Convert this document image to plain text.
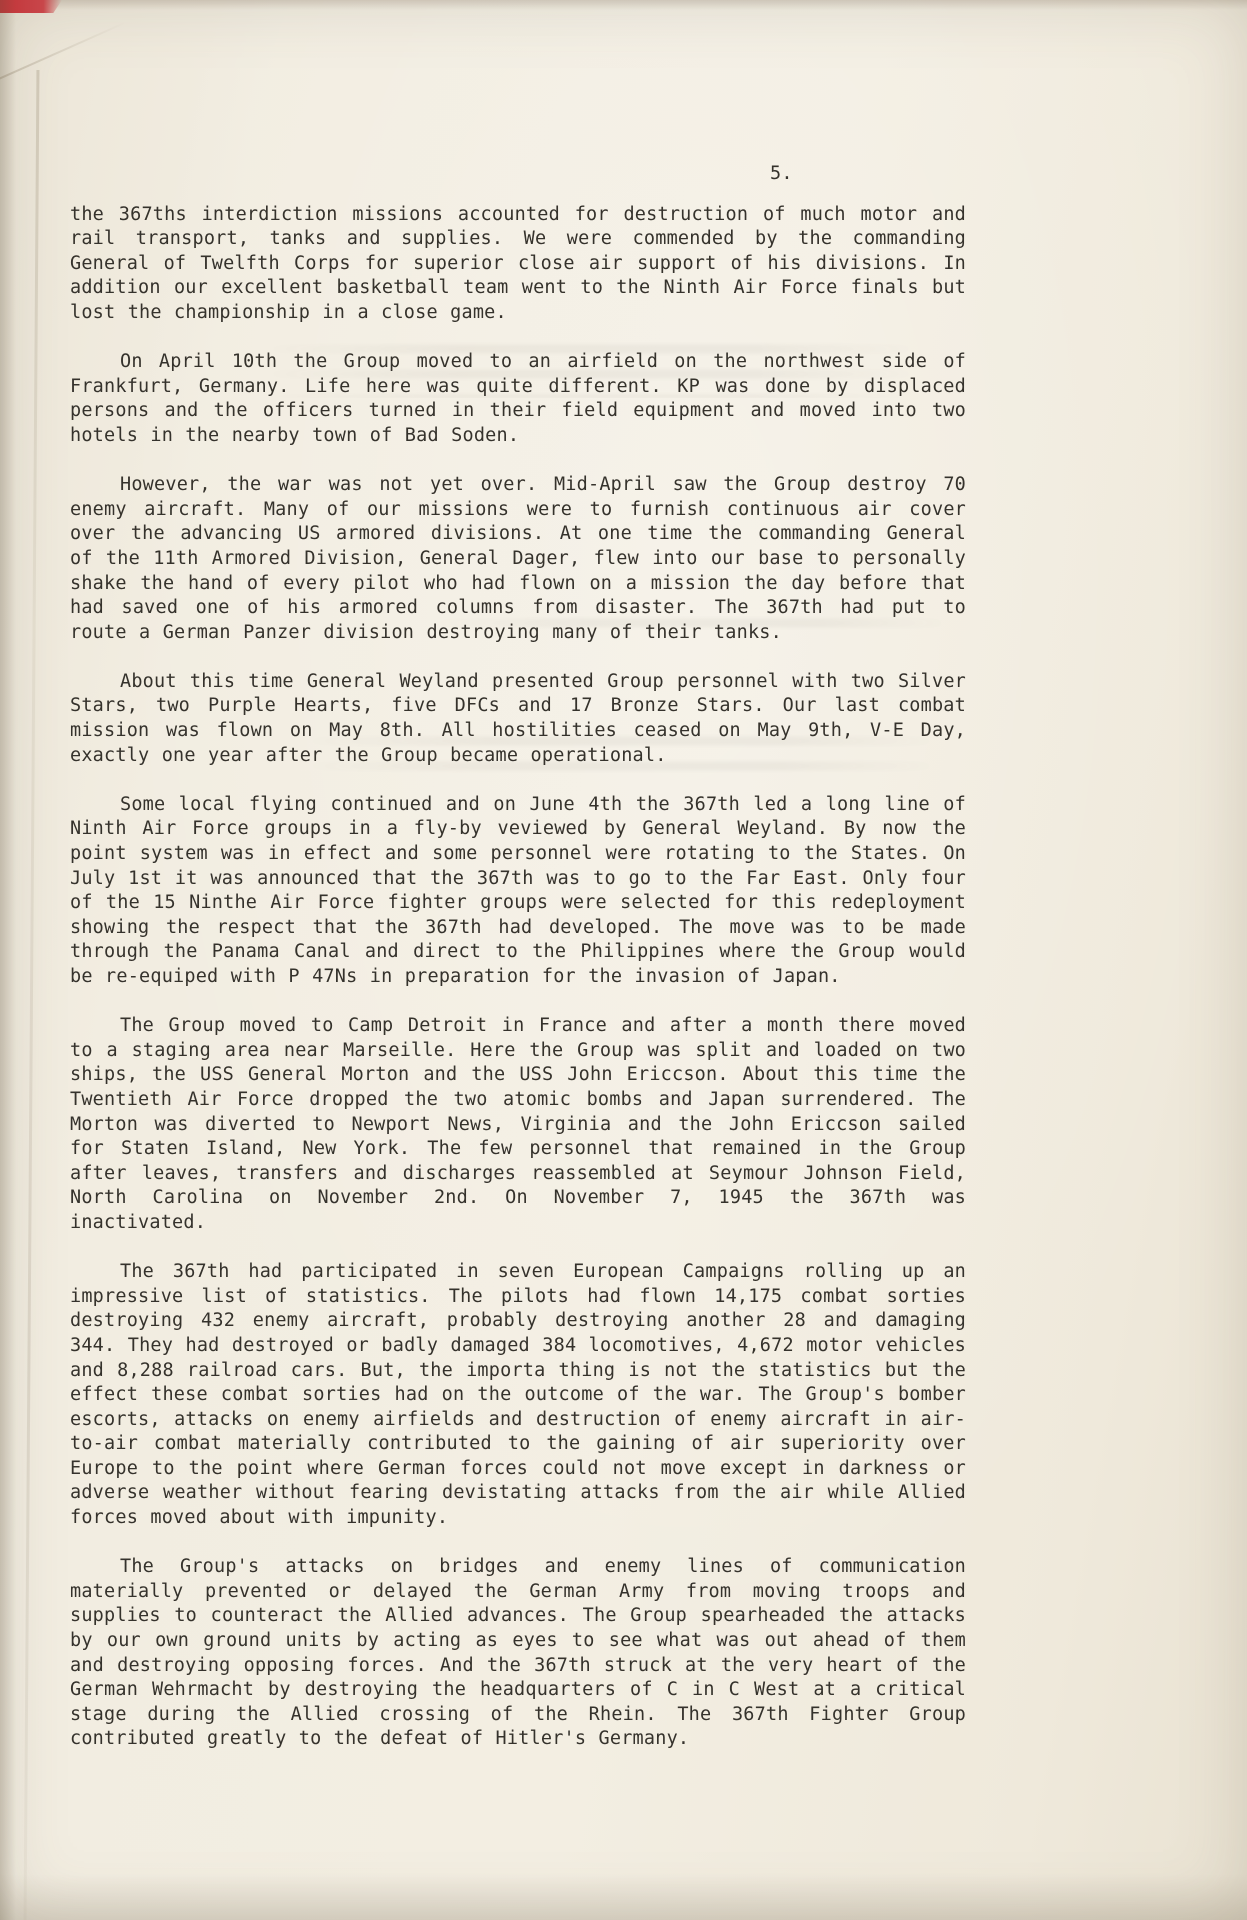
5.

the 367ths interdiction missions accounted for destruction of much motor and rail transport, tanks and supplies. We were commended by the commanding General of Twelfth Corps for superior close air support of his divisions. In addition our excellent basketball team went to the Ninth Air Force finals but lost the championship in a close game.

On April 10th the Group moved to an airfield on the northwest side of Frankfurt, Germany. Life here was quite different. KP was done by displaced persons and the officers turned in their field equipment and moved into two hotels in the nearby town of Bad Soden.

However, the war was not yet over. Mid-April saw the Group destroy 70 enemy aircraft. Many of our missions were to furnish continuous air cover over the advancing US armored divisions. At one time the commanding General of the 11th Armored Division, General Dager, flew into our base to personally shake the hand of every pilot who had flown on a mission the day before that had saved one of his armored columns from disaster. The 367th had put to route a German Panzer division destroying many of their tanks.

About this time General Weyland presented Group personnel with two Silver Stars, two Purple Hearts, five DFCs and 17 Bronze Stars. Our last combat mission was flown on May 8th. All hostilities ceased on May 9th, V-E Day, exactly one year after the Group became operational.

Some local flying continued and on June 4th the 367th led a long line of Ninth Air Force groups in a fly-by veviewed by General Weyland. By now the point system was in effect and some personnel were rotating to the States. On July 1st it was announced that the 367th was to go to the Far East. Only four of the 15 Ninthe Air Force fighter groups were selected for this redeployment showing the respect that the 367th had developed. The move was to be made through the Panama Canal and direct to the Philippines where the Group would be re-equiped with P 47Ns in preparation for the invasion of Japan.

The Group moved to Camp Detroit in France and after a month there moved to a staging area near Marseille. Here the Group was split and loaded on two ships, the USS General Morton and the USS John Ericcson. About this time the Twentieth Air Force dropped the two atomic bombs and Japan surrendered. The Morton was diverted to Newport News, Virginia and the John Ericcson sailed for Staten Island, New York. The few personnel that remained in the Group after leaves, transfers and discharges reassembled at Seymour Johnson Field, North Carolina on November 2nd. On November 7, 1945 the 367th was inactivated.

The 367th had participated in seven European Campaigns rolling up an impressive list of statistics. The pilots had flown 14,175 combat sorties destroying 432 enemy aircraft, probably destroying another 28 and damaging 344. They had destroyed or badly damaged 384 locomotives, 4,672 motor vehicles and 8,288 railroad cars. But, the importa thing is not the statistics but the effect these combat sorties had on the outcome of the war. The Group's bomber escorts, attacks on enemy airfields and destruction of enemy aircraft in air-to-air combat materially contributed to the gaining of air superiority over Europe to the point where German forces could not move except in darkness or adverse weather without fearing devistating attacks from the air while Allied forces moved about with impunity.

The Group's attacks on bridges and enemy lines of communication materially prevented or delayed the German Army from moving troops and supplies to counteract the Allied advances. The Group spearheaded the attacks by our own ground units by acting as eyes to see what was out ahead of them and destroying opposing forces. And the 367th struck at the very heart of the German Wehrmacht by destroying the headquarters of C in C West at a critical stage during the Allied crossing of the Rhein. The 367th Fighter Group contributed greatly to the defeat of Hitler's Germany.
